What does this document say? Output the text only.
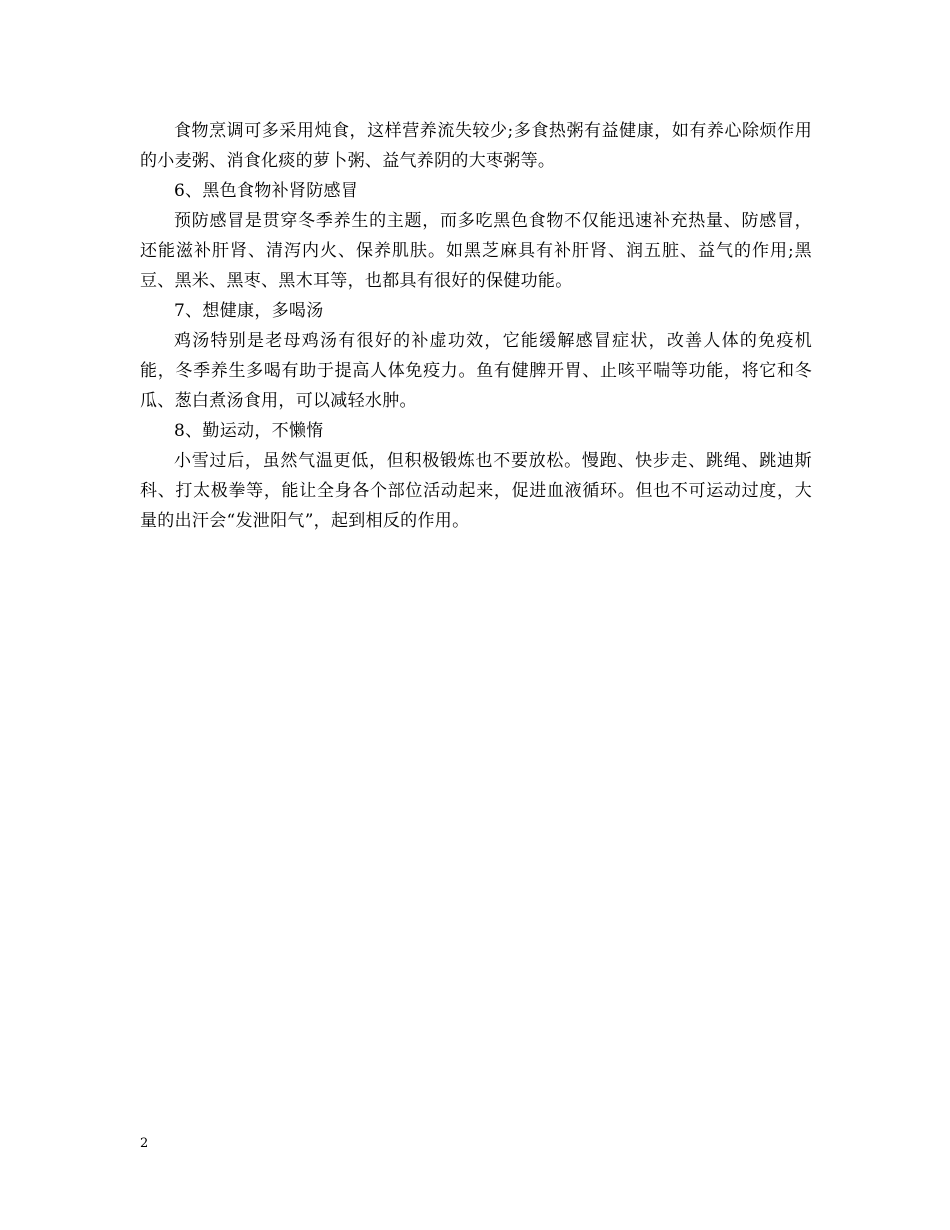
食物烹调可多采用炖食，这样营养流失较少;多食热粥有益健康，如有养心除烦作用的小麦粥、消食化痰的萝卜粥、益气养阴的大枣粥等。

6、黑色食物补肾防感冒

预防感冒是贯穿冬季养生的主题，而多吃黑色食物不仅能迅速补充热量、防感冒，还能滋补肝肾、清泻内火、保养肌肤。如黑芝麻具有补肝肾、润五脏、益气的作用;黑豆、黑米、黑枣、黑木耳等，也都具有很好的保健功能。

7、想健康，多喝汤

鸡汤特别是老母鸡汤有很好的补虚功效，它能缓解感冒症状，改善人体的免疫机能，冬季养生多喝有助于提高人体免疫力。鱼有健脾开胃、止咳平喘等功能，将它和冬瓜、葱白煮汤食用，可以减轻水肿。

8、勤运动，不懒惰

小雪过后，虽然气温更低，但积极锻炼也不要放松。慢跑、快步走、跳绳、跳迪斯科、打太极拳等，能让全身各个部位活动起来，促进血液循环。但也不可运动过度，大量的出汗会“发泄阳气”，起到相反的作用。

2
